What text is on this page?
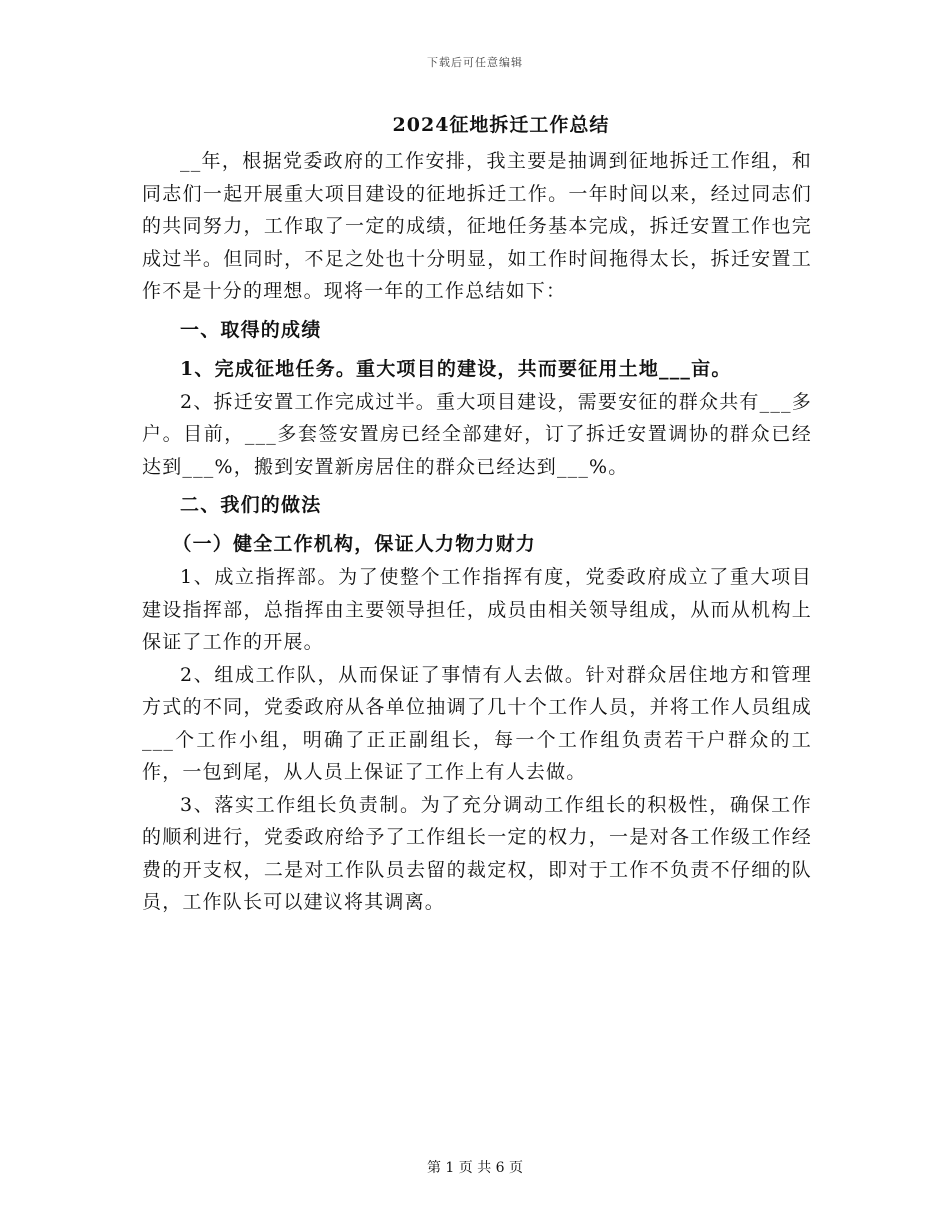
下载后可任意编辑
2024征地拆迁工作总结

__年，根据党委政府的工作安排，我主要是抽调到征地拆迁工作组，和同志们一起开展重大项目建设的征地拆迁工作。一年时间以来，经过同志们的共同努力，工作取了一定的成绩，征地任务基本完成，拆迁安置工作也完成过半。但同时，不足之处也十分明显，如工作时间拖得太长，拆迁安置工作不是十分的理想。现将一年的工作总结如下：

一、取得的成绩

1、完成征地任务。重大项目的建设，共而要征用土地___亩。

2、拆迁安置工作完成过半。重大项目建设，需要安征的群众共有___多户。目前，___多套签安置房已经全部建好，订了拆迁安置调协的群众已经达到___%，搬到安置新房居住的群众已经达到___%。

二、我们的做法

（一）健全工作机构，保证人力物力财力

1、成立指挥部。为了使整个工作指挥有度，党委政府成立了重大项目建设指挥部，总指挥由主要领导担任，成员由相关领导组成，从而从机构上保证了工作的开展。

2、组成工作队，从而保证了事情有人去做。针对群众居住地方和管理方式的不同，党委政府从各单位抽调了几十个工作人员，并将工作人员组成___个工作小组，明确了正正副组长，每一个工作组负责若干户群众的工作，一包到尾，从人员上保证了工作上有人去做。

3、落实工作组长负责制。为了充分调动工作组长的积极性，确保工作的顺利进行，党委政府给予了工作组长一定的权力，一是对各工作级工作经费的开支权，二是对工作队员去留的裁定权，即对于工作不负责不仔细的队员，工作队长可以建议将其调离。

第 1 页 共 6 页
